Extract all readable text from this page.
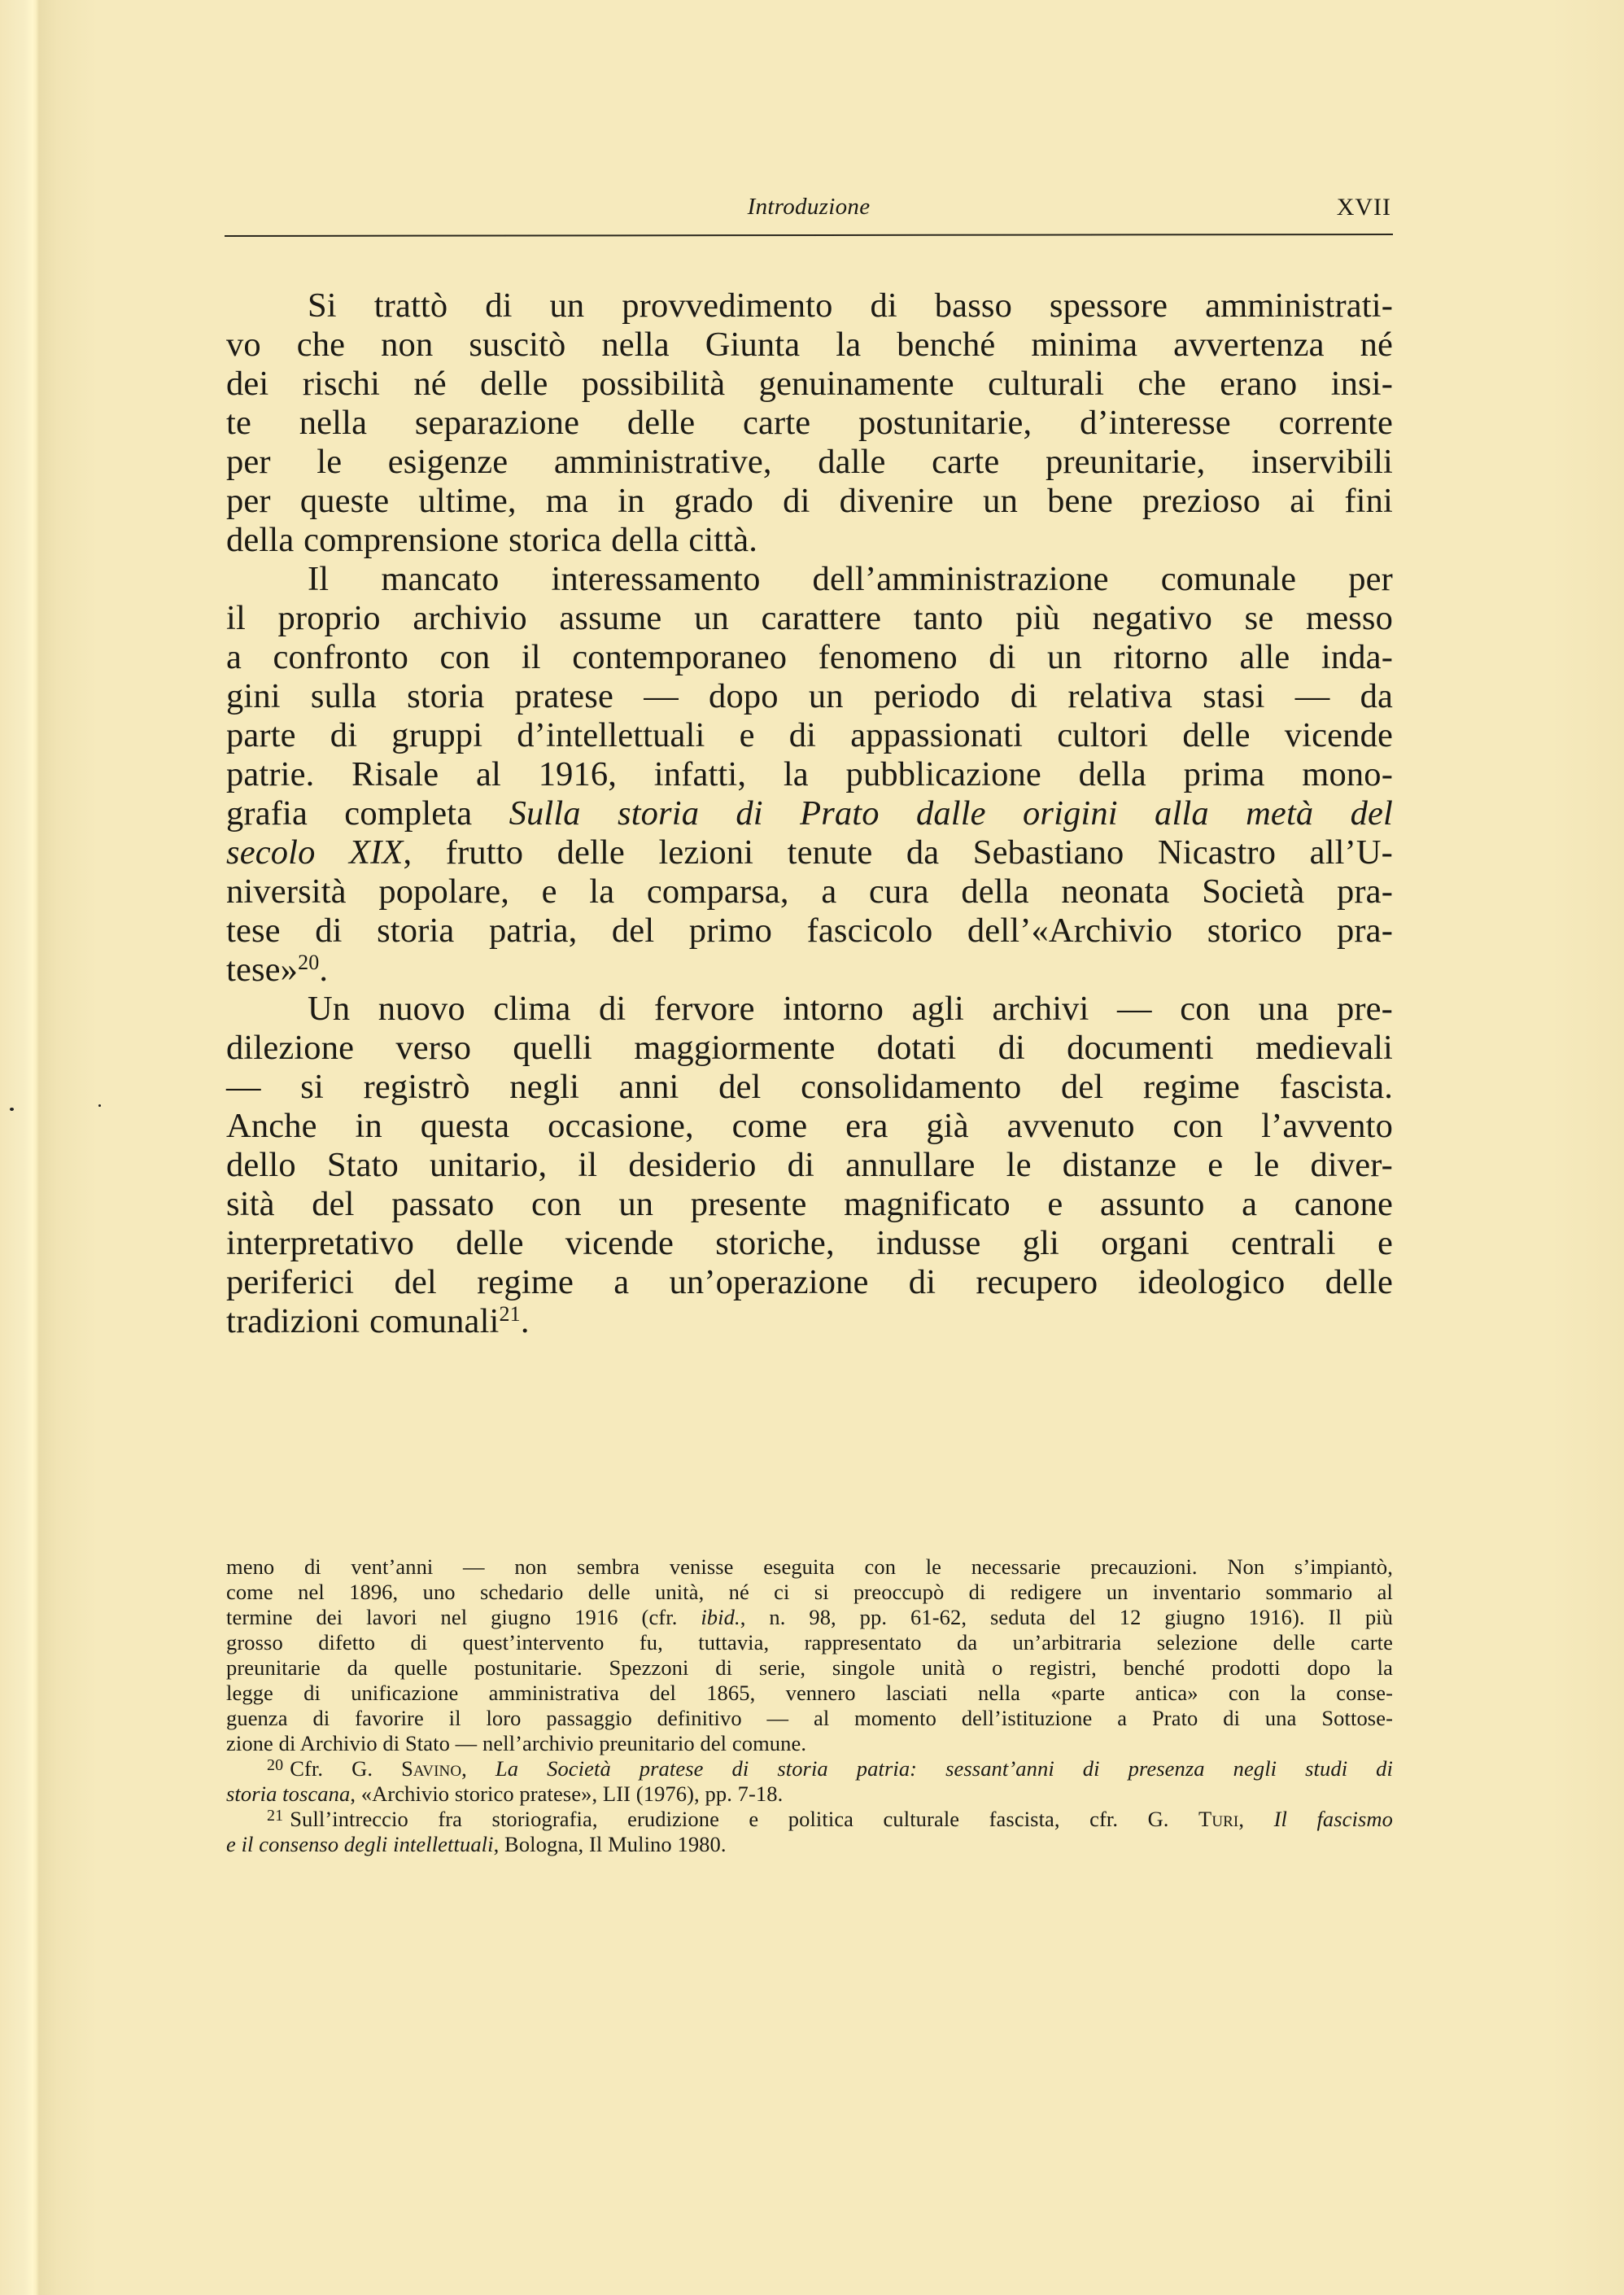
Introduzione	XVII
Si trattò di un provvedimento di basso spessore amministrati-
vo che non suscitò nella Giunta la benché minima avvertenza né
dei rischi né delle possibilità genuinamente culturali che erano insi-
te nella separazione delle carte postunitarie, d’interesse corrente
per le esigenze amministrative, dalle carte preunitarie, inservibili
per queste ultime, ma in grado di divenire un bene prezioso ai fini
della comprensione storica della città.
Il mancato interessamento dell’amministrazione comunale per
il proprio archivio assume un carattere tanto più negativo se messo
a confronto con il contemporaneo fenomeno di un ritorno alle inda-
gini sulla storia pratese — dopo un periodo di relativa stasi — da
parte di gruppi d’intellettuali e di appassionati cultori delle vicende
patrie. Risale al 1916, infatti, la pubblicazione della prima mono-
grafia completa Sulla storia di Prato dalle origini alla metà del
secolo XIX, frutto delle lezioni tenute da Sebastiano Nicastro all’U-
niversità popolare, e la comparsa, a cura della neonata Società pra-
tese di storia patria, del primo fascicolo dell’«Archivio storico pra-
tese»$^{20}$.
Un nuovo clima di fervore intorno agli archivi — con una pre-
dilezione verso quelli maggiormente dotati di documenti medievali
— si registrò negli anni del consolidamento del regime fascista.
Anche in questa occasione, come era già avvenuto con l’avvento
dello Stato unitario, il desiderio di annullare le distanze e le diver-
sità del passato con un presente magnificato e assunto a canone
interpretativo delle vicende storiche, indusse gli organi centrali e
periferici del regime a un’operazione di recupero ideologico delle
tradizioni comunali$^{21}$.
meno di vent’anni — non sembra venisse eseguita con le necessarie precauzioni. Non s’impiantò,
come nel 1896, uno schedario delle unità, né ci si preoccupò di redigere un inventario sommario al
termine dei lavori nel giugno 1916 (cfr. ibid., n. 98, pp. 61-62, seduta del 12 giugno 1916). Il più
grosso difetto di quest’intervento fu, tuttavia, rappresentato da un’arbitraria selezione delle carte
preunitarie da quelle postunitarie. Spezzoni di serie, singole unità o registri, benché prodotti dopo la
legge di unificazione amministrativa del 1865, vennero lasciati nella «parte antica» con la conse-
guenza di favorire il loro passaggio definitivo — al momento dell’istituzione a Prato di una Sottose-
zione di Archivio di Stato — nell’archivio preunitario del comune.
$^{20}$ Cfr. G. Savino, La Società pratese di storia patria: sessant’anni di presenza negli studi di
storia toscana, «Archivio storico pratese», LII (1976), pp. 7-18.
$^{21}$ Sull’intreccio fra storiografia, erudizione e politica culturale fascista, cfr. G. Turi, Il fascismo
e il consenso degli intellettuali, Bologna, Il Mulino 1980.
